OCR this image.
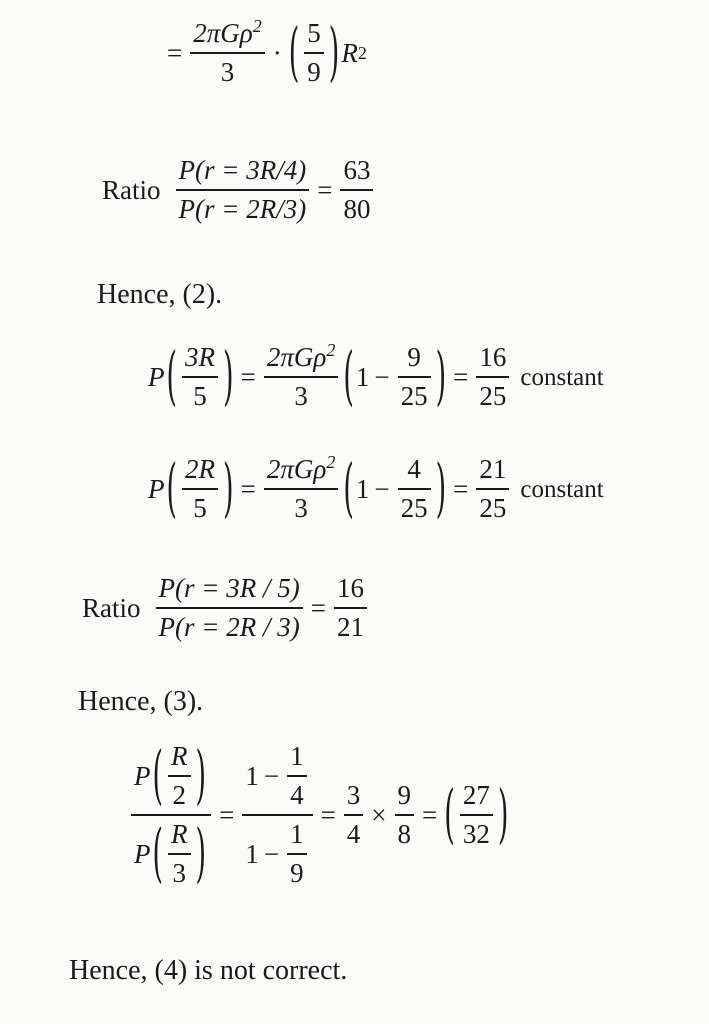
= $\frac{2\pi G\rho^2}{3}$ · ( $\frac{5}{9}$ ) R 2
Ratio $\frac{P(r = 3R/4)}{P(r = 2R/3)} = \frac{63}{80}$
Hence, (2).
P ( $\frac{3R}{5}$ ) = $\frac{2\pi G\rho^2}{3}$ ( $1 - \frac{9}{25}$ ) = $\frac{16}{25}$ constant
P ( $\frac{2R}{5}$ ) = $\frac{2\pi G\rho^2}{3}$ ( $1 - \frac{4}{25}$ ) = $\frac{21}{25}$ constant
Ratio $\frac{P(r = 3R / 5)}{P(r = 2R / 3)} = \frac{16}{21}$
Hence, (3).
$\frac{P ( \frac{R}{2} )}{P ( \frac{R}{3} )} = \frac{1 - \frac{1}{4}}{1 - \frac{1}{9}} = \frac{3}{4} \times \frac{9}{8}$ = ( $\frac{27}{32}$ )
Hence, (4) is not correct.
